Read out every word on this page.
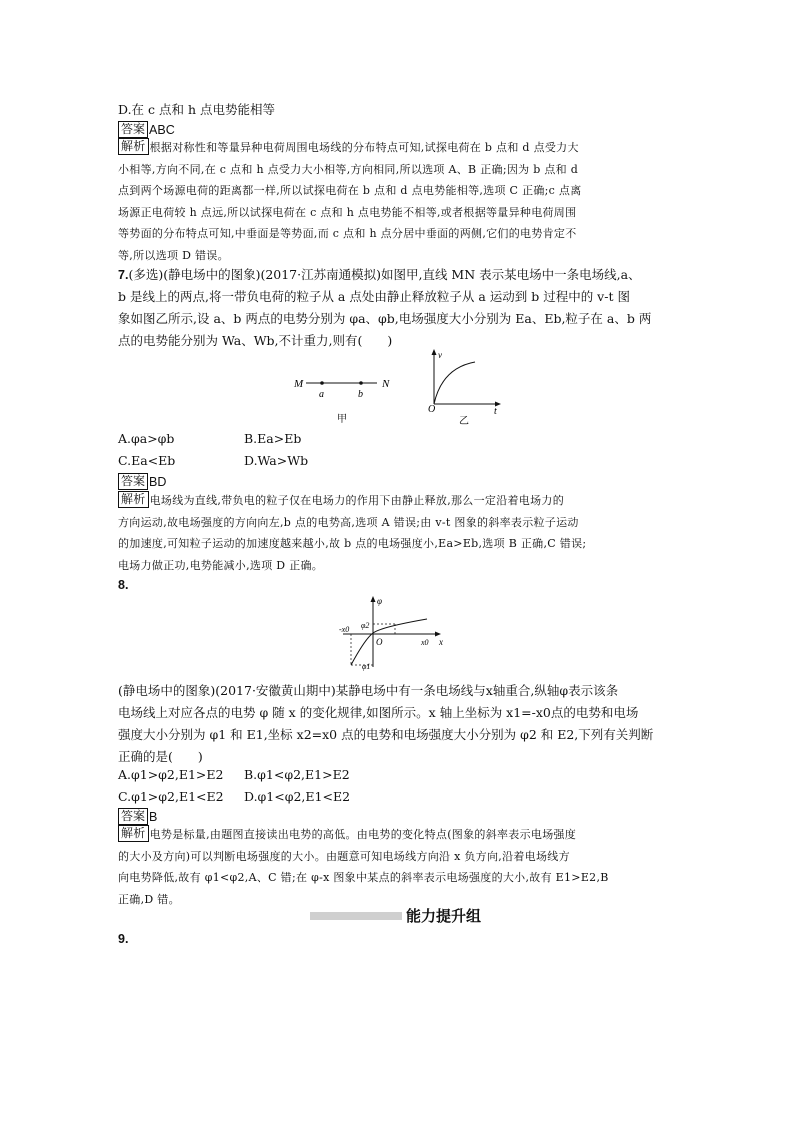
D.在 c 点和 h 点电势能相等
答案 ABC
解析 根据对称性和等量异种电荷周围电场线的分布特点可知,试探电荷在 b 点和 d 点受力大
小相等,方向不同,在 c 点和 h 点受力大小相等,方向相同,所以选项 A、B 正确;因为 b 点和 d
点到两个场源电荷的距离都一样,所以试探电荷在 b 点和 d 点电势能相等,选项 C 正确;c 点离
场源正电荷较 h 点远,所以试探电荷在 c 点和 h 点电势能不相等,或者根据等量异种电荷周围
等势面的分布特点可知,中垂面是等势面,而 c 点和 h 点分居中垂面的两侧,它们的电势肯定不
等,所以选项 D 错误。
7.(多选)(静电场中的图象)(2017·江苏南通模拟)如图甲,直线 MN 表示某电场中一条电场线,a、
b 是线上的两点,将一带负电荷的粒子从 a 点处由静止释放粒子从 a 运动到 b 过程中的 v-t 图
象如图乙所示,设 a、b 两点的电势分别为 φa、φb,电场强度大小分别为 Ea、Eb,粒子在 a、b 两
点的电势能分别为 Wa、Wb,不计重力,则有(　　)
M	N
a	b
甲
v
O	t
乙
A.φa>φb	B.Ea>Eb
C.Ea<Eb	D.Wa>Wb
答案 BD
解析 电场线为直线,带负电的粒子仅在电场力的作用下由静止释放,那么一定沿着电场力的
方向运动,故电场强度的方向向左,b 点的电势高,选项 A 错误;由 v-t 图象的斜率表示粒子运动
的加速度,可知粒子运动的加速度越来越小,故 b 点的电场强度小,Ea>Eb,选项 B 正确,C 错误;
电场力做正功,电势能减小,选项 D 正确。
8.
φ
-x0 φ2
O	x0 x
φ1
(静电场中的图象)(2017·安徽黄山期中)某静电场中有一条电场线与x轴重合,纵轴φ表示该条
电场线上对应各点的电势 φ 随 x 的变化规律,如图所示。x 轴上坐标为 x1=-x0点的电势和电场
强度大小分别为 φ1 和 E1,坐标 x2=x0 点的电势和电场强度大小分别为 φ2 和 E2,下列有关判断
正确的是(　　)
A.φ1>φ2,E1>E2 B.φ1<φ2,E1>E2
C.φ1>φ2,E1<E2 D.φ1<φ2,E1<E2
答案 B
解析 电势是标量,由题图直接读出电势的高低。由电势的变化特点(图象的斜率表示电场强度
的大小及方向)可以判断电场强度的大小。由题意可知电场线方向沿 x 负方向,沿着电场线方
向电势降低,故有 φ1<φ2,A、C 错;在 φ-x 图象中某点的斜率表示电场强度的大小,故有 E1>E2,B
正确,D 错。
能力提升组
9.
